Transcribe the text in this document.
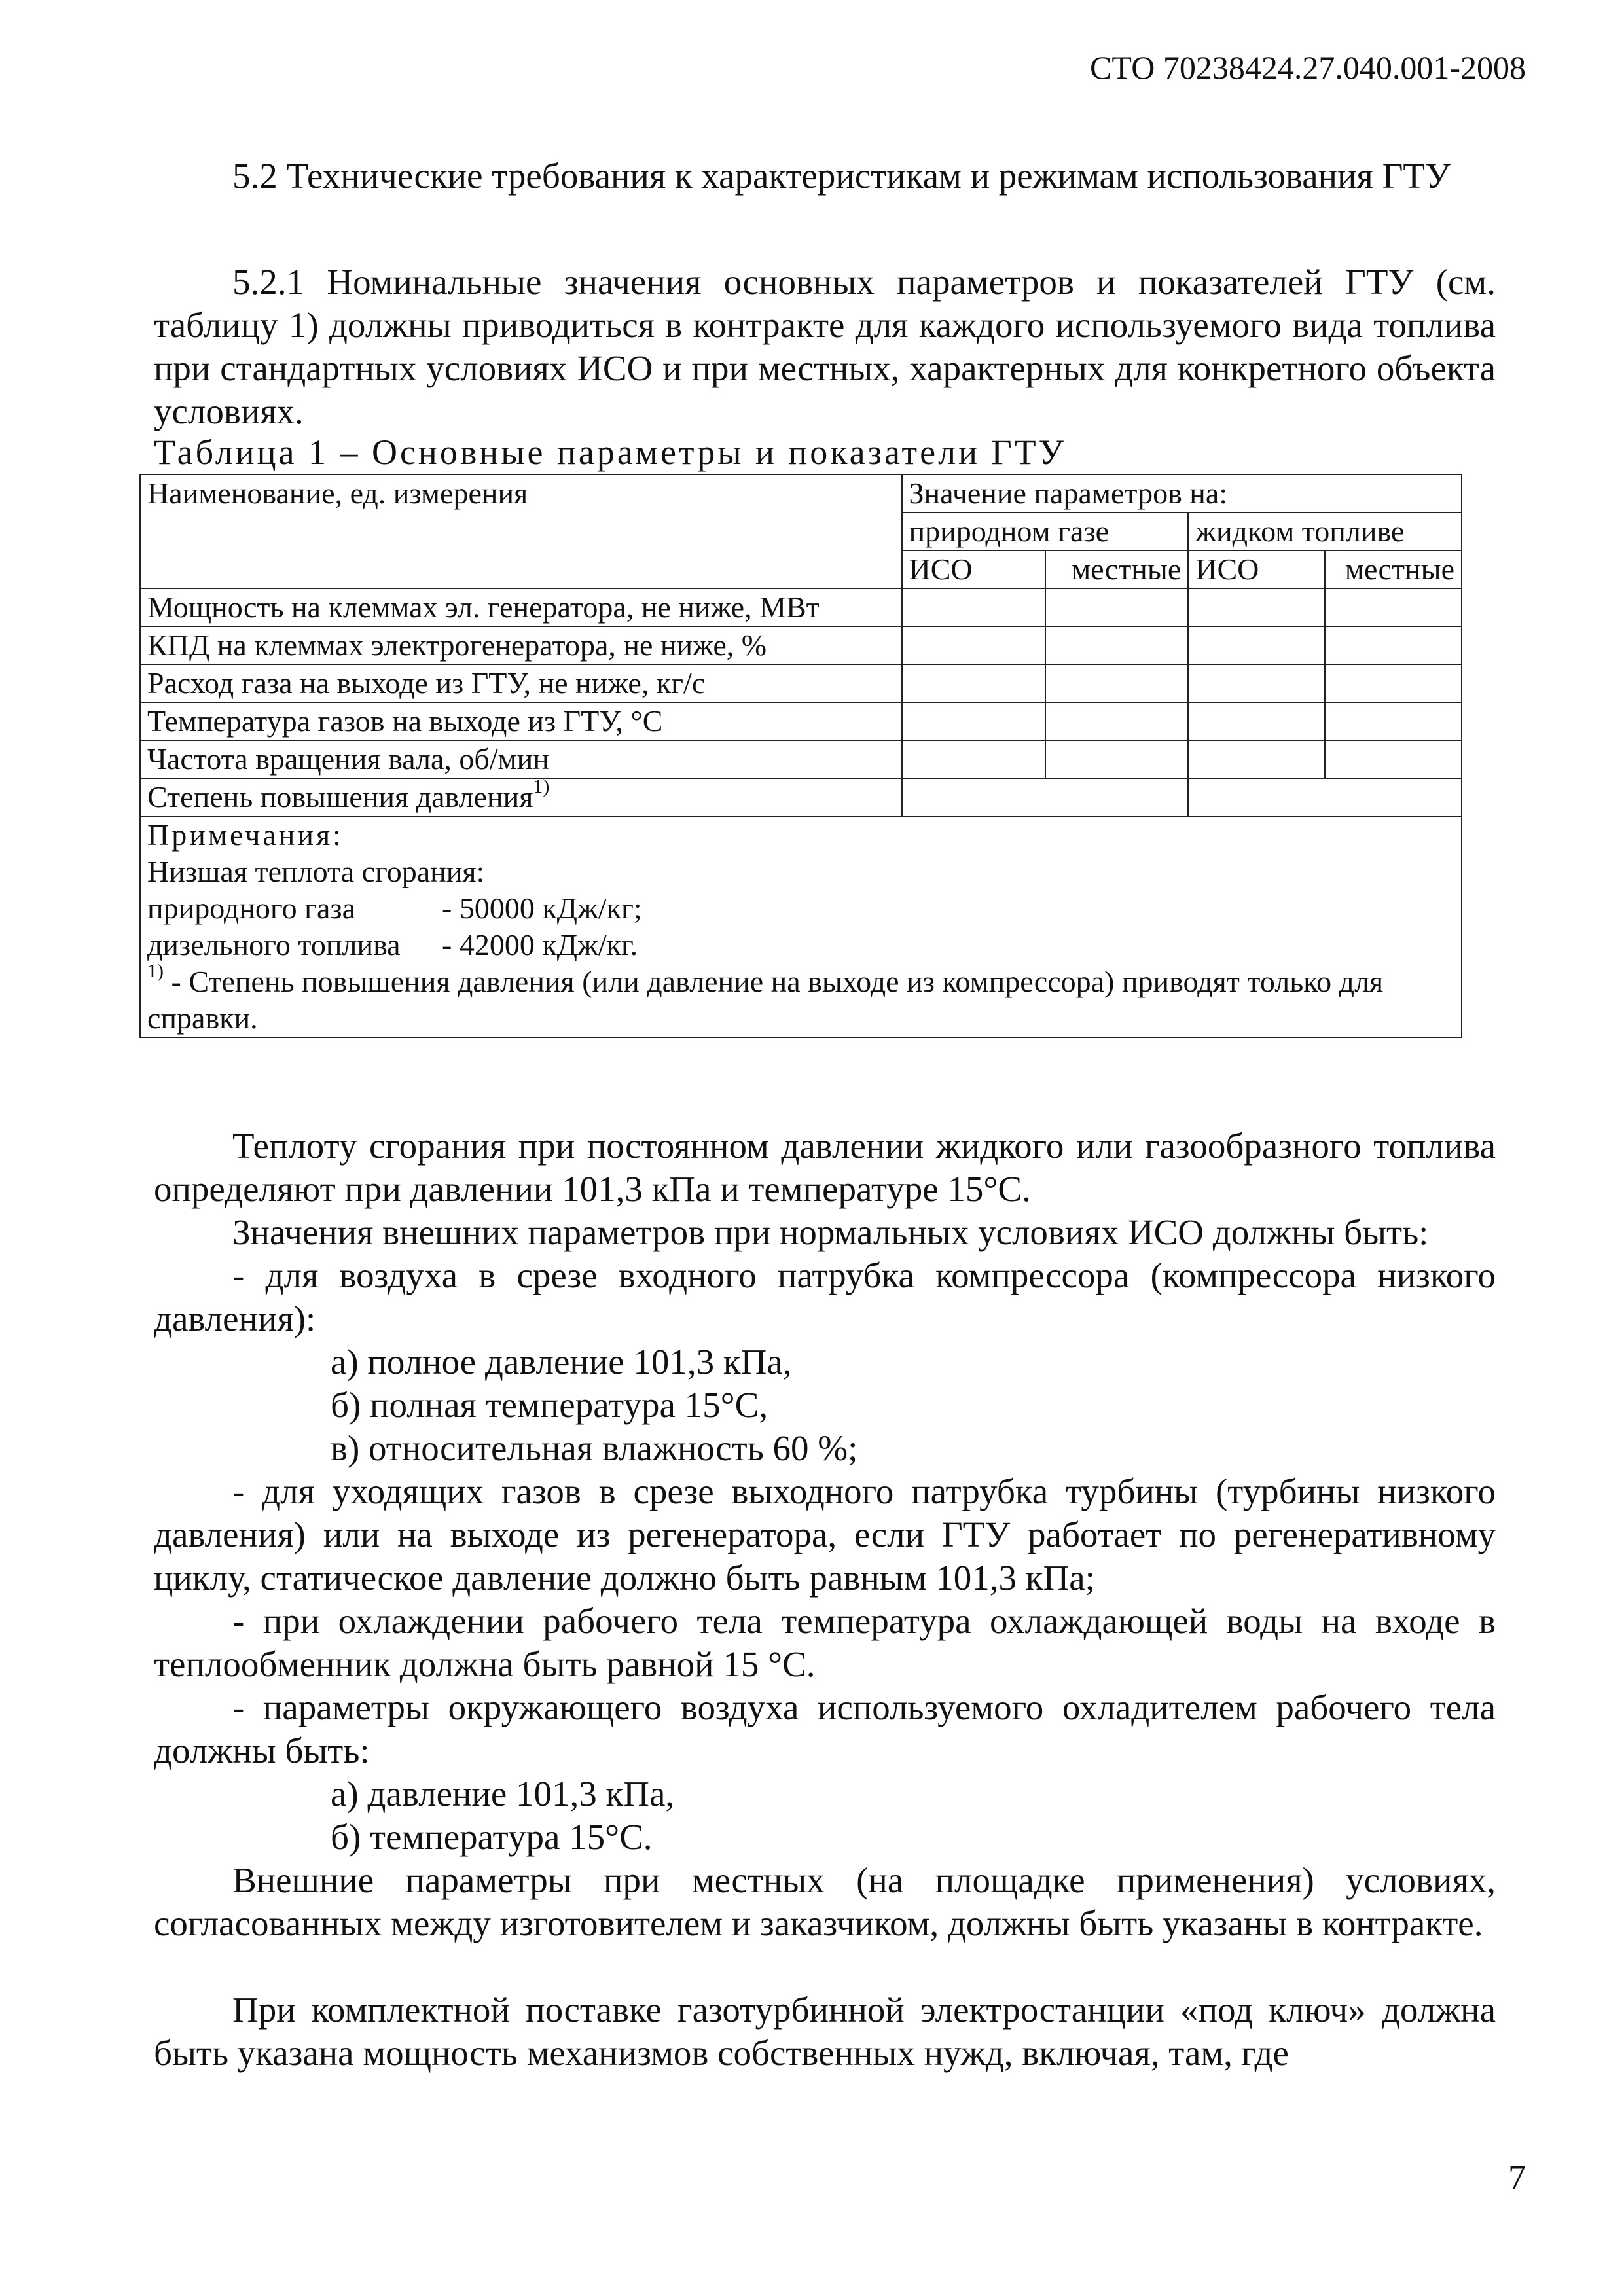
СТО 70238424.27.040.001-2008
5.2 Технические требования к характеристикам и режимам использования ГТУ
5.2.1 Номинальные значения основных параметров и показателей ГТУ (см. таблицу 1) должны приводиться в контракте для каждого используемого вида топлива при стандартных условиях ИСО и при местных, характерных для конкретного объекта условиях.
Таблица 1 – Основные параметры и показатели ГТУ
Наименование, ед. измерения	Значение параметров на:			
	природном газе		жидком топливе	
	ИСО	местные	ИСО	местные
Мощность на клеммах эл. генератора, не ниже, МВт				
КПД на клеммах электрогенератора, не ниже, %				
Расход газа на выходе из ГТУ, не ниже, кг/с				
Температура газов на выходе из ГТУ, °С				
Частота вращения вала, об/мин				
Степень повышения давления$^{1)}$		

Примечания:
Низшая теплота сгорания:
природного газа - 50000 кДж/кг;
дизельного топлива - 42000 кДж/кг.
$^{1)}$ - Степень повышения давления (или давление на выходе из компрессора) приводят только для справки.				
Теплоту сгорания при постоянном давлении жидкого или газообразного топлива определяют при давлении 101,3 кПа и температуре 15°С.
Значения внешних параметров при нормальных условиях ИСО должны быть:
- для воздуха в срезе входного патрубка компрессора (компрессора низкого давления):
а) полное давление 101,3 кПа,
б) полная температура 15°С,
в) относительная влажность 60 %;
- для уходящих газов в срезе выходного патрубка турбины (турбины низкого давления) или на выходе из регенератора, если ГТУ работает по регенеративному циклу, статическое давление должно быть равным 101,3 кПа;
- при охлаждении рабочего тела температура охлаждающей воды на входе в теплообменник должна быть равной 15 °С.
- параметры окружающего воздуха используемого охладителем рабочего тела должны быть:
а) давление 101,3 кПа,
б) температура 15°С.
Внешние параметры при местных (на площадке применения) условиях, согласованных между изготовителем и заказчиком, должны быть указаны в контракте.
При комплектной поставке газотурбинной электростанции «под ключ» должна быть указана мощность механизмов собственных нужд, включая, там, где
7
